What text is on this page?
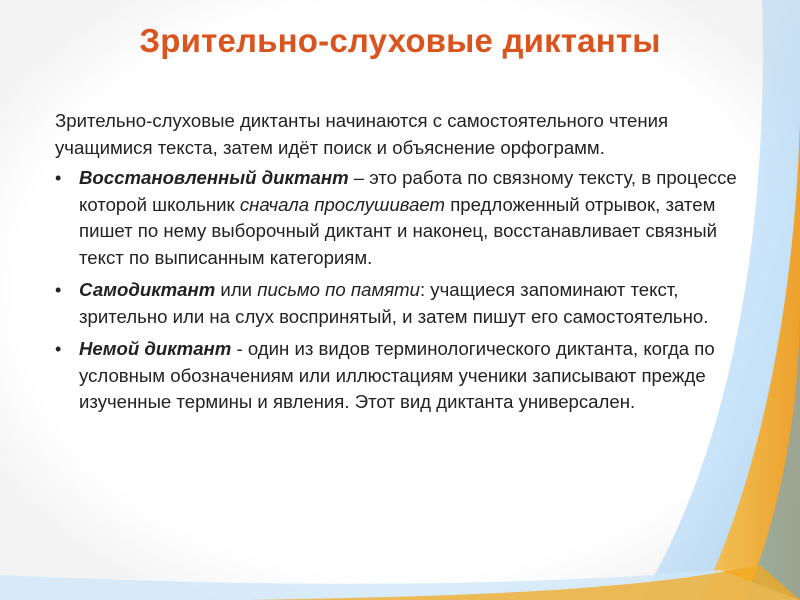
Зрительно-слуховые диктанты

Зрительно-слуховые диктанты начинаются с самостоятельного чтения учащимися текста, затем идёт поиск и объяснение орфограмм.

• Восстановленный диктант – это работа по связному тексту, в процессе которой школьник сначала прослушивает предложенный отрывок, затем пишет по нему выборочный диктант и наконец, восстанавливает связный текст по выписанным категориям.
• Самодиктант или письмо по памяти: учащиеся запоминают текст, зрительно или на слух воспринятый, и затем пишут его самостоятельно.
• Немой диктант - один из видов терминологического диктанта, когда по условным обозначениям или иллюстациям ученики записывают прежде изученные термины и явления. Этот вид диктанта универсален.
